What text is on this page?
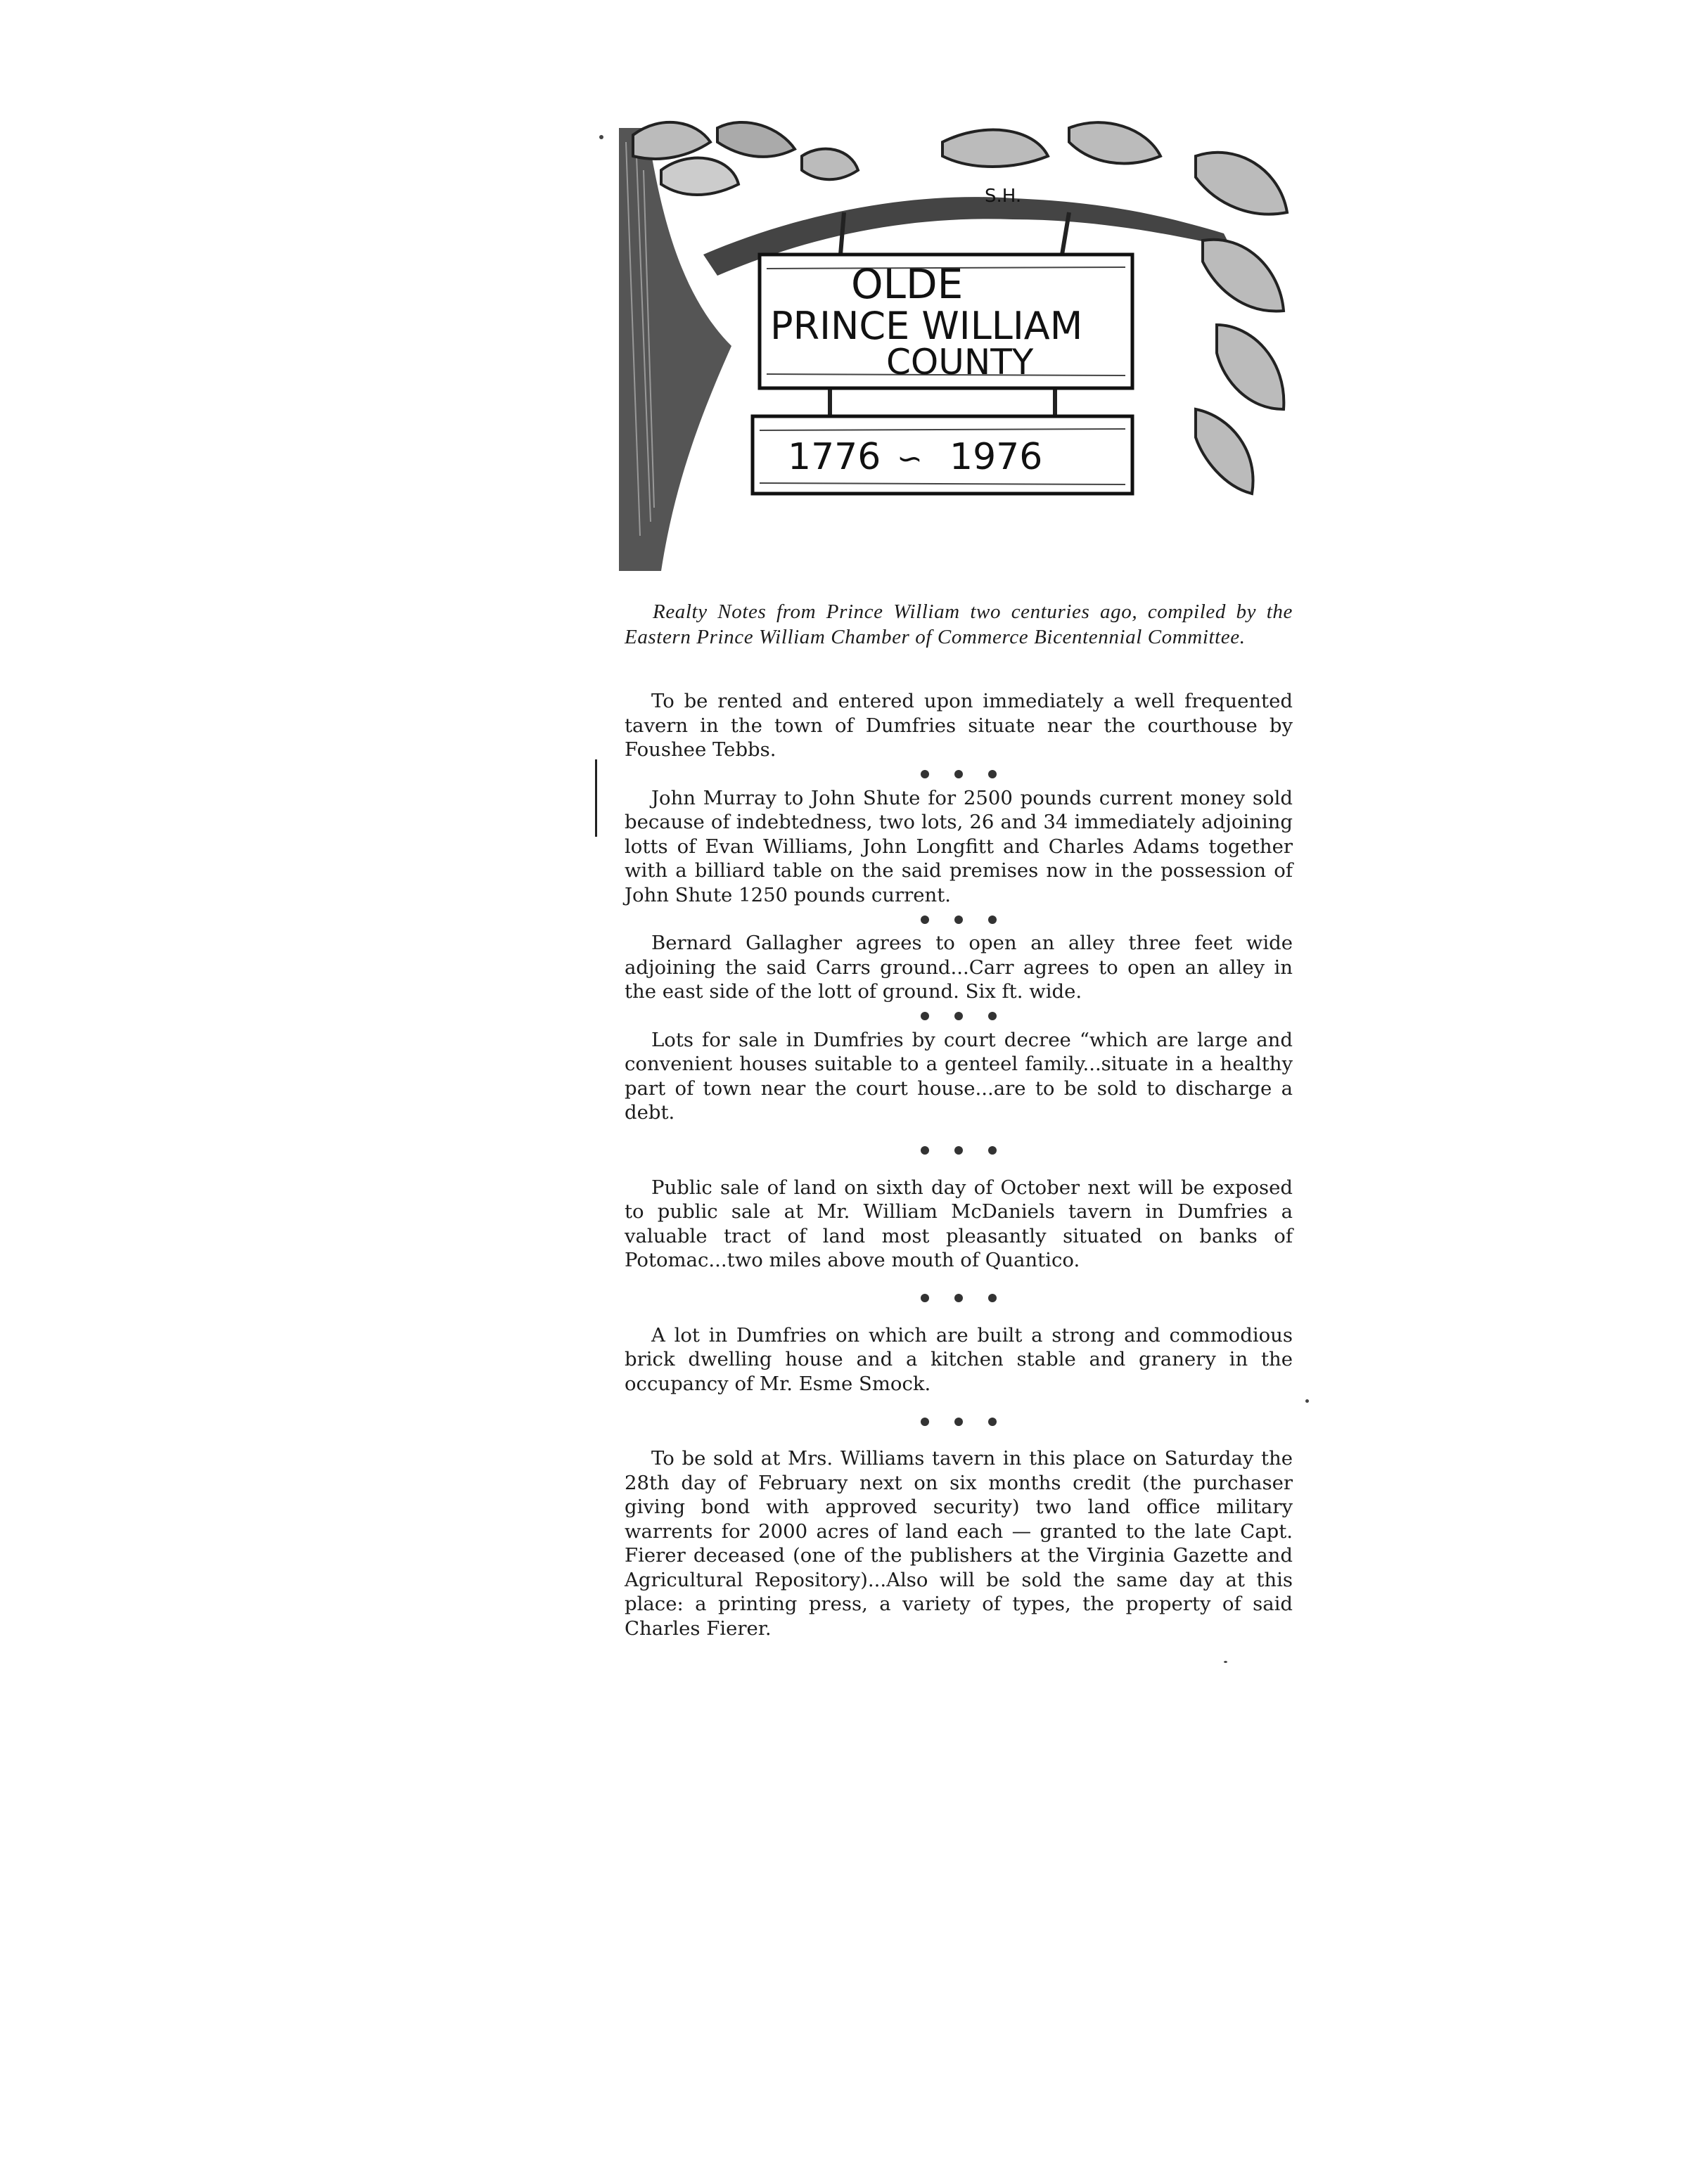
S.H.
OLDE
PRINCE WILLIAM
COUNTY
1776 ∽ 1976

Realty Notes from Prince William two centuries ago, compiled by the Eastern Prince William Chamber of Commerce Bicentennial Committee.

To be rented and entered upon immediately a well frequented tavern in the town of Dumfries situate near the courthouse by Foushee Tebbs.

John Murray to John Shute for 2500 pounds current money sold because of indebtedness, two lots, 26 and 34 immediately adjoining lotts of Evan Williams, John Longfitt and Charles Adams together with a billiard table on the said premises now in the possession of John Shute 1250 pounds current.

Bernard Gallagher agrees to open an alley three feet wide adjoining the said Carrs ground...Carr agrees to open an alley in the east side of the lott of ground. Six ft. wide.

Lots for sale in Dumfries by court decree “which are large and convenient houses suitable to a genteel family...situate in a healthy part of town near the court house...are to be sold to discharge a debt.

Public sale of land on sixth day of October next will be exposed to public sale at Mr. William McDaniels tavern in Dumfries a valuable tract of land most pleasantly situated on banks of Potomac...two miles above mouth of Quantico.

A lot in Dumfries on which are built a strong and commodious brick dwelling house and a kitchen stable and granery in the occupancy of Mr. Esme Smock.

To be sold at Mrs. Williams tavern in this place on Saturday the 28th day of February next on six months credit (the purchaser giving bond with approved security) two land office military warrents for 2000 acres of land each — granted to the late Capt. Fierer deceased (one of the publishers at the Virginia Gazette and Agricultural Repository)...Also will be sold the same day at this place: a printing press, a variety of types, the property of said Charles Fierer.
